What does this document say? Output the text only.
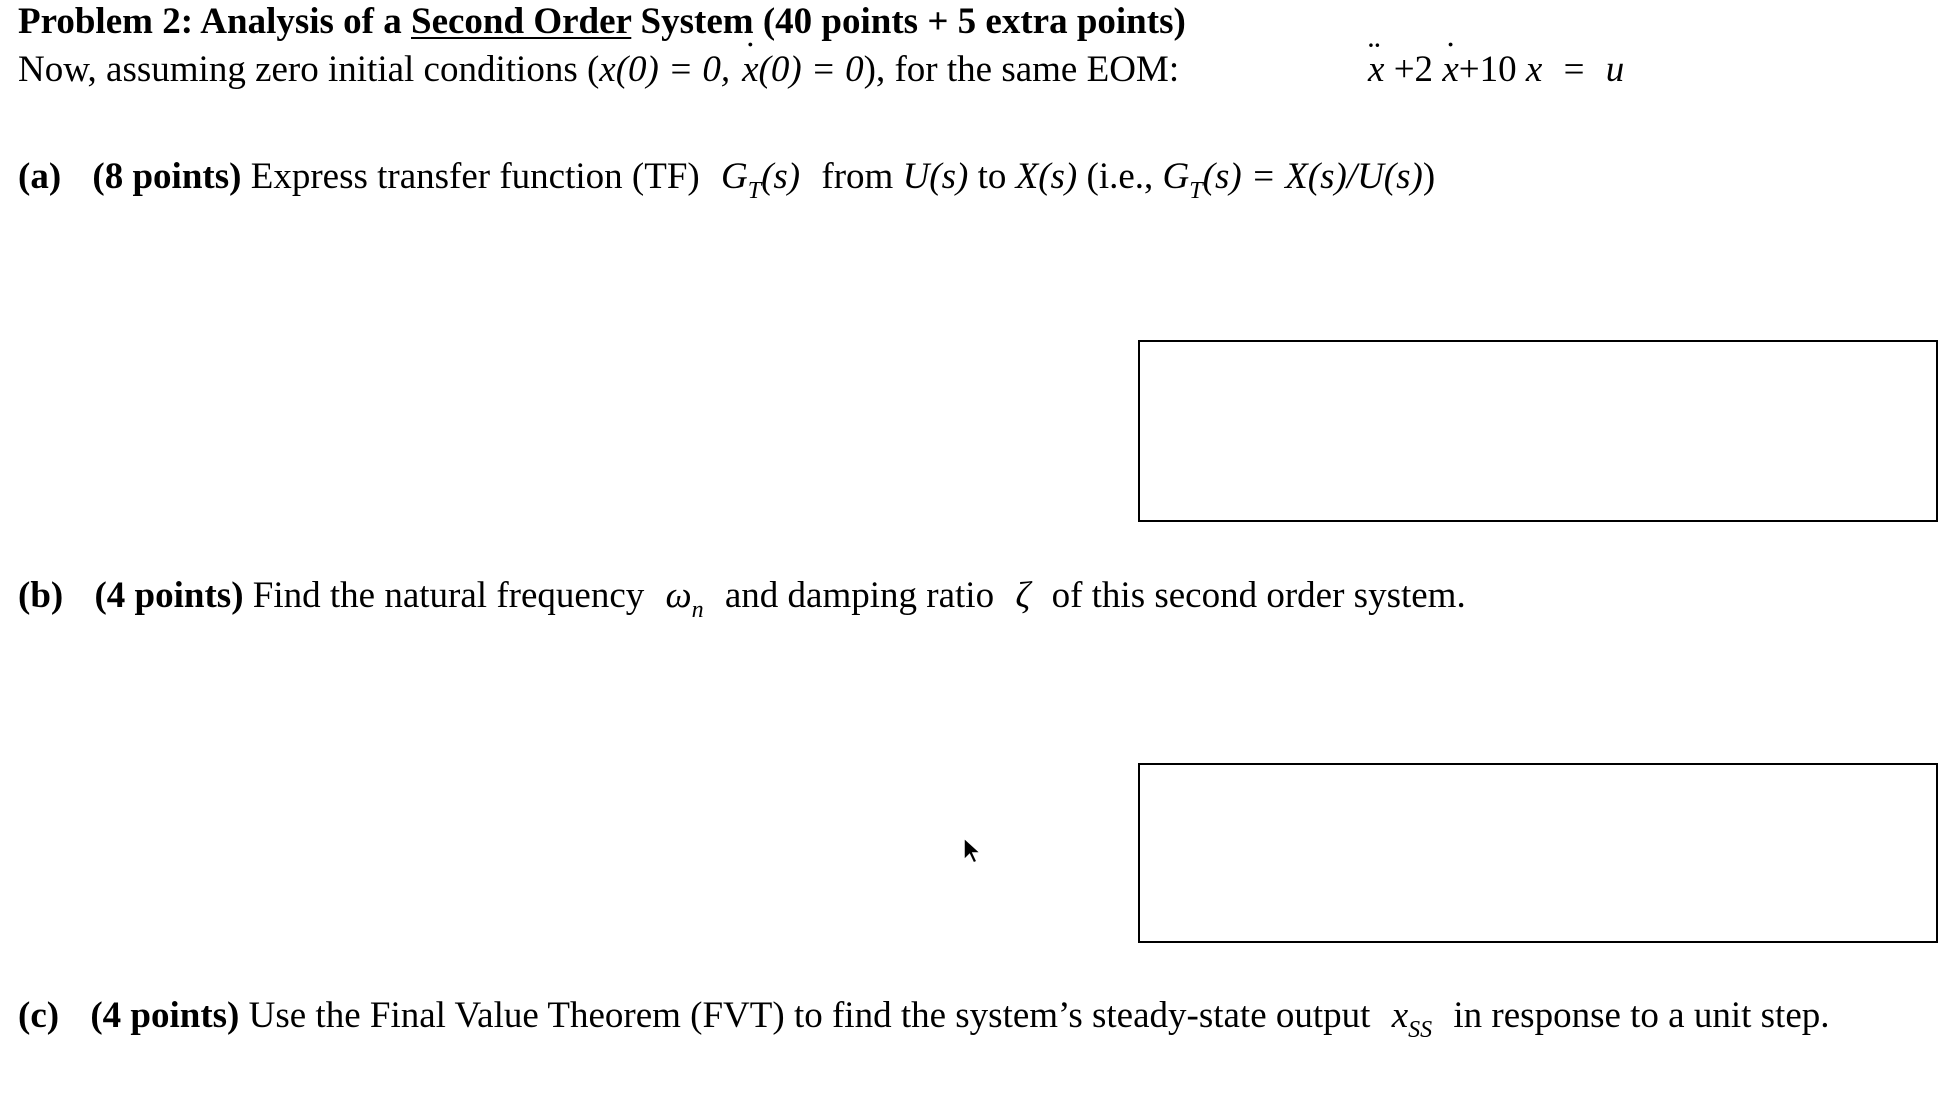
Problem 2: Analysis of a Second Order System (40 points + 5 extra points)
Now, assuming zero initial conditions (x(0) = 0, ˙ x(0) = 0), for the same EOM:	¨ x +2 ˙ x+10 x = u
(a) (8 points) Express transfer function (TF) $G_T(s)$ from U(s) to X(s) (i.e., $G_T(s) = X(s)/U(s)$)
(b) (4 points) Find the natural frequency $\omega_n$ and damping ratio ζ of this second order system.
(c) (4 points) Use the Final Value Theorem (FVT) to find the system’s steady-state output $x_{SS}$ in response to a unit step.
